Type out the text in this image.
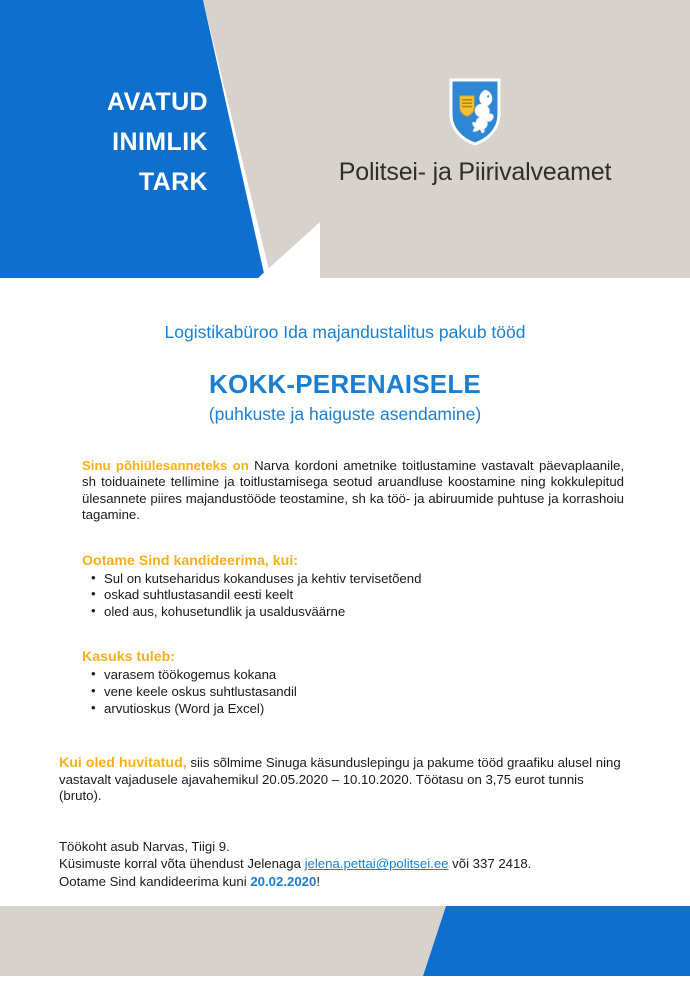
AVATUD
INIMLIK
TARK	Politsei- ja Piirivalveamet
Logistikabüroo Ida majandustalitus pakub tööd
KOKK-PERENAISELE
(puhkuste ja haiguste asendamine)

Sinu põhiülesanneteks on Narva kordoni ametnike toitlustamine vastavalt päevaplaanile, sh toiduainete tellimine ja toitlustamisega seotud aruandluse koostamine ning kokkulepitud ülesannete piires majandustööde teostamine, sh ka töö- ja abiruumide puhtuse ja korrashoiu tagamine.

Ootame Sind kandideerima, kui:
• Sul on kutseharidus kokanduses ja kehtiv tervisetõend
• oskad suhtlustasandil eesti keelt
• oled aus, kohusetundlik ja usaldusväärne
Kasuks tuleb:
• varasem töökogemus kokana
• vene keele oskus suhtlustasandil
• arvutioskus (Word ja Excel)

Kui oled huvitatud, siis sõlmime Sinuga käsunduslepingu ja pakume tööd graafiku alusel ning vastavalt vajadusele ajavahemikul 20.05.2020 – 10.10.2020. Töötasu on 3,75 eurot tunnis (bruto).

Töökoht asub Narvas, Tiigi 9.
Küsimuste korral võta ühendust Jelenaga jelena.pettai@politsei.ee või 337 2418.
Ootame Sind kandideerima kuni 20.02.2020!
